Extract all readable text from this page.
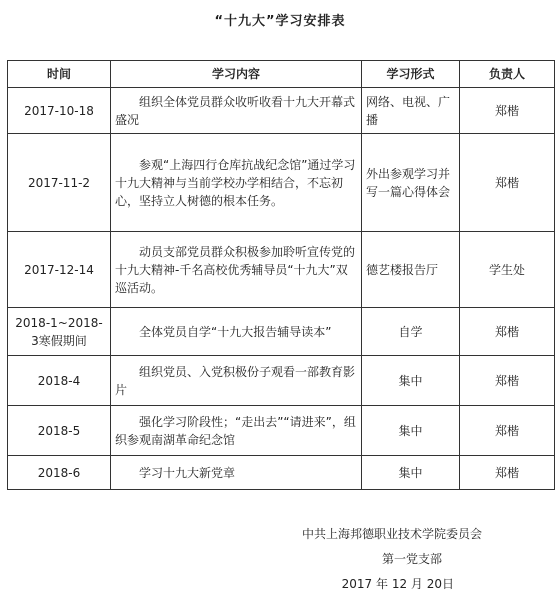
“十九大”学习安排表
时间	学习内容	学习形式	负责人
2017-10-18	组织全体党员群众收听收看十九大开幕式盛况	网络、电视、广播	郑楷
2017-11-2	参观“上海四行仓库抗战纪念馆”通过学习十九大精神与当前学校办学相结合，不忘初心，坚持立人树德的根本任务。	外出参观学习并　写一篇心得体会	郑楷
2017-12-14	动员支部党员群众积极参加聆听宣传党的十九大精神-千名高校优秀辅导员“十九大”双巡活动。	德艺楼报告厅	学生处
2018-1~2018-3寒假期间	全体党员自学“十九大报告辅导读本”	自学	郑楷
2018-4	组织党员、入党积极份子观看一部教育影片	集中	郑楷
2018-5	强化学习阶段性；“走出去”“请进来”，组织参观南湖革命纪念馆	集中	郑楷
2018-6	学习十九大新党章	集中	郑楷
中共上海邦德职业技术学院委员会
第一党支部
2017 年 12 月 20日
